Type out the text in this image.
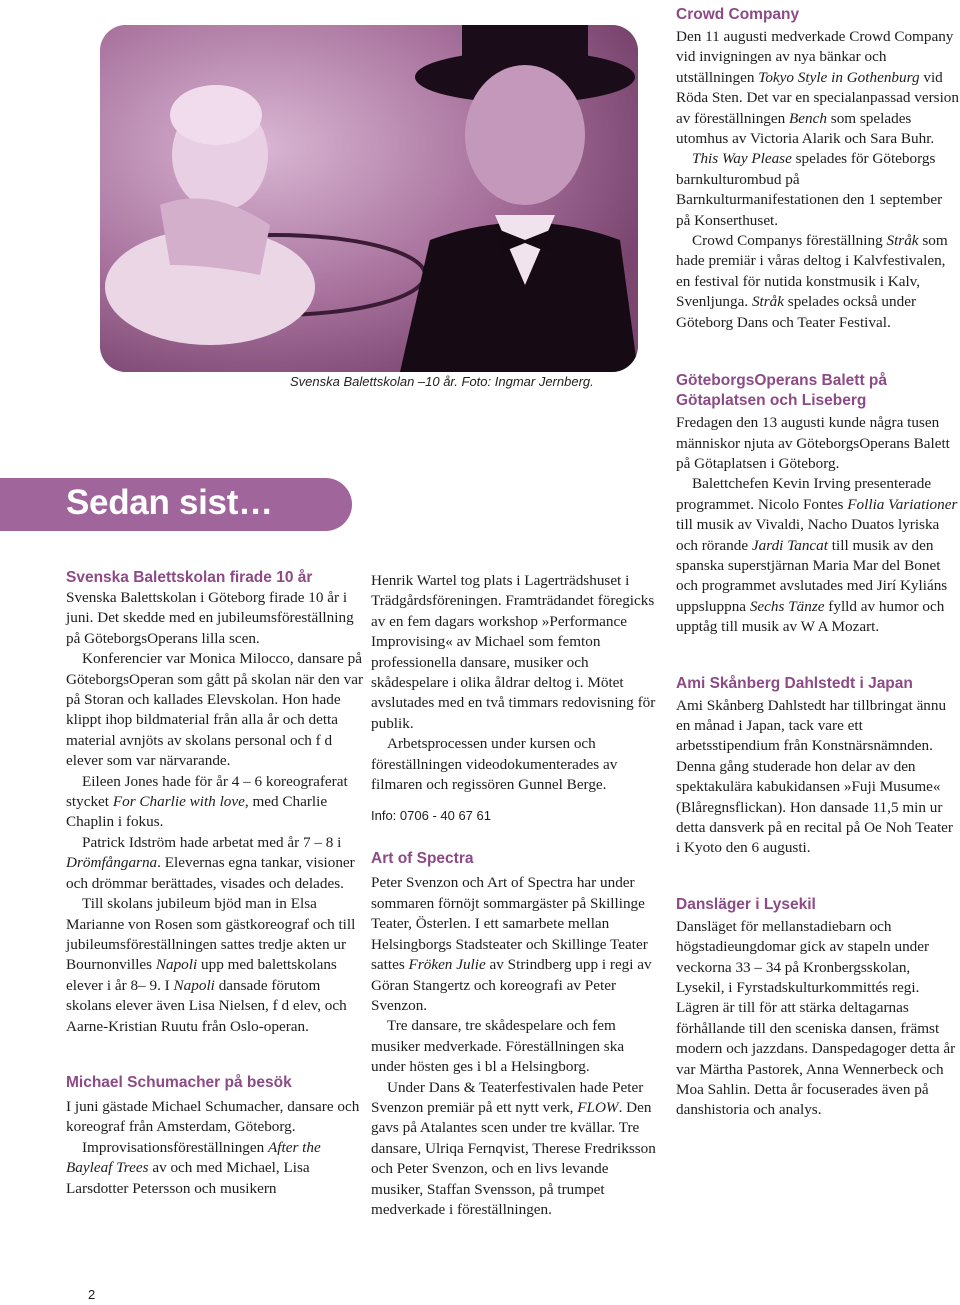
Svenska Balettskolan –10 år. Foto: Ingmar Jernberg.
Sedan sist…
Svenska Balettskolan firade 10 år

Svenska Balettskolan i Göteborg firade 10 år i juni. Det skedde med en jubileumsföreställning på GöteborgsOperans lilla scen.

Konferencier var Monica Milocco, dansare på GöteborgsOperan som gått på skolan när den var på Storan och kallades Elevskolan. Hon hade klippt ihop bildmaterial från alla år och detta material avnjöts av skolans personal och f d elever som var närvarande.

Eileen Jones hade för år 4 – 6 koreograferat stycket For Charlie with love, med Charlie Chaplin i fokus.

Patrick Idström hade arbetat med år 7 – 8 i Drömfångarna. Elevernas egna tankar, visioner och drömmar berättades, visades och delades.

Till skolans jubileum bjöd man in Elsa Marianne von Rosen som gästkoreograf och till jubileumsföreställningen sattes tredje akten ur Bournonvilles Napoli upp med balettskolans elever i år 8– 9. I Napoli dansade förutom skolans elever även Lisa Nielsen, f d elev, och Aarne-Kristian Ruutu från Oslo-operan.

Michael Schumacher på besök

I juni gästade Michael Schumacher, dansare och koreograf från Amsterdam, Göteborg.

Improvisationsföreställningen After the Bayleaf Trees av och med Michael, Lisa Larsdotter Petersson och musikern

Henrik Wartel tog plats i Lagerträdshuset i Trädgårdsföreningen. Framträdandet föregicks av en fem dagars workshop »Performance Improvising« av Michael som femton professionella dansare, musiker och skådespelare i olika åldrar deltog i. Mötet avslutades med en två timmars redovisning för publik.

Arbetsprocessen under kursen och föreställningen videodokumenterades av filmaren och regissören Gunnel Berge.

Info: 0706 - 40 67 61

Art of Spectra

Peter Svenzon och Art of Spectra har under sommaren förnöjt sommargäster på Skillinge Teater, Österlen. I ett samarbete mellan Helsingborgs Stadsteater och Skillinge Teater sattes Fröken Julie av Strindberg upp i regi av Göran Stangertz och koreografi av Peter Svenzon.

Tre dansare, tre skådespelare och fem musiker medverkade. Föreställningen ska under hösten ges i bl a Helsingborg.

Under Dans & Teaterfestivalen hade Peter Svenzon premiär på ett nytt verk, FLOW. Den gavs på Atalantes scen under tre kvällar. Tre dansare, Ulriqa Fernqvist, Therese Fredriksson och Peter Svenzon, och en livs levande musiker, Staffan Svensson, på trumpet medverkade i föreställningen.

Crowd Company

Den 11 augusti medverkade Crowd Company vid invigningen av nya bänkar och utställningen Tokyo Style in Gothenburg vid Röda Sten. Det var en specialanpassad version av föreställningen Bench som spelades utomhus av Victoria Alarik och Sara Buhr.

This Way Please spelades för Göteborgs barnkulturombud på Barnkulturmanifestationen den 1 september på Konserthuset.

Crowd Companys föreställning Stråk som hade premiär i våras deltog i Kalvfestivalen, en festival för nutida konstmusik i Kalv, Svenljunga. Stråk spelades också under Göteborg Dans och Teater Festival.

GöteborgsOperans Balett på Götaplatsen och Liseberg

Fredagen den 13 augusti kunde några tusen människor njuta av GöteborgsOperans Balett på Götaplatsen i Göteborg.

Balettchefen Kevin Irving presenterade programmet. Nicolo Fontes Follia Variationer till musik av Vivaldi, Nacho Duatos lyriska och rörande Jardi Tancat till musik av den spanska superstjärnan Maria Mar del Bonet och programmet avslutades med Jirí Kyliáns uppsluppna Sechs Tänze fylld av humor och upptåg till musik av W A Mozart.

Ami Skånberg Dahlstedt i Japan

Ami Skånberg Dahlstedt har tillbringat ännu en månad i Japan, tack vare ett arbetsstipendium från Konstnärsnämnden. Denna gång studerade hon delar av den spektakulära kabukidansen »Fuji Musume« (Blåregnsflickan). Hon dansade 11,5 min ur detta dansverk på en recital på Oe Noh Teater i Kyoto den 6 augusti.

Dansläger i Lysekil

Dansläget för mellanstadiebarn och högstadieungdomar gick av stapeln under veckorna 33 – 34 på Kronbergsskolan, Lysekil, i Fyrstadskulturkommittés regi. Lägren är till för att stärka deltagarnas förhållande till den sceniska dansen, främst modern och jazzdans. Danspedagoger detta år var Märtha Pastorek, Anna Wennerbeck och Moa Sahlin. Detta år focuserades även på danshistoria och analys.

2
